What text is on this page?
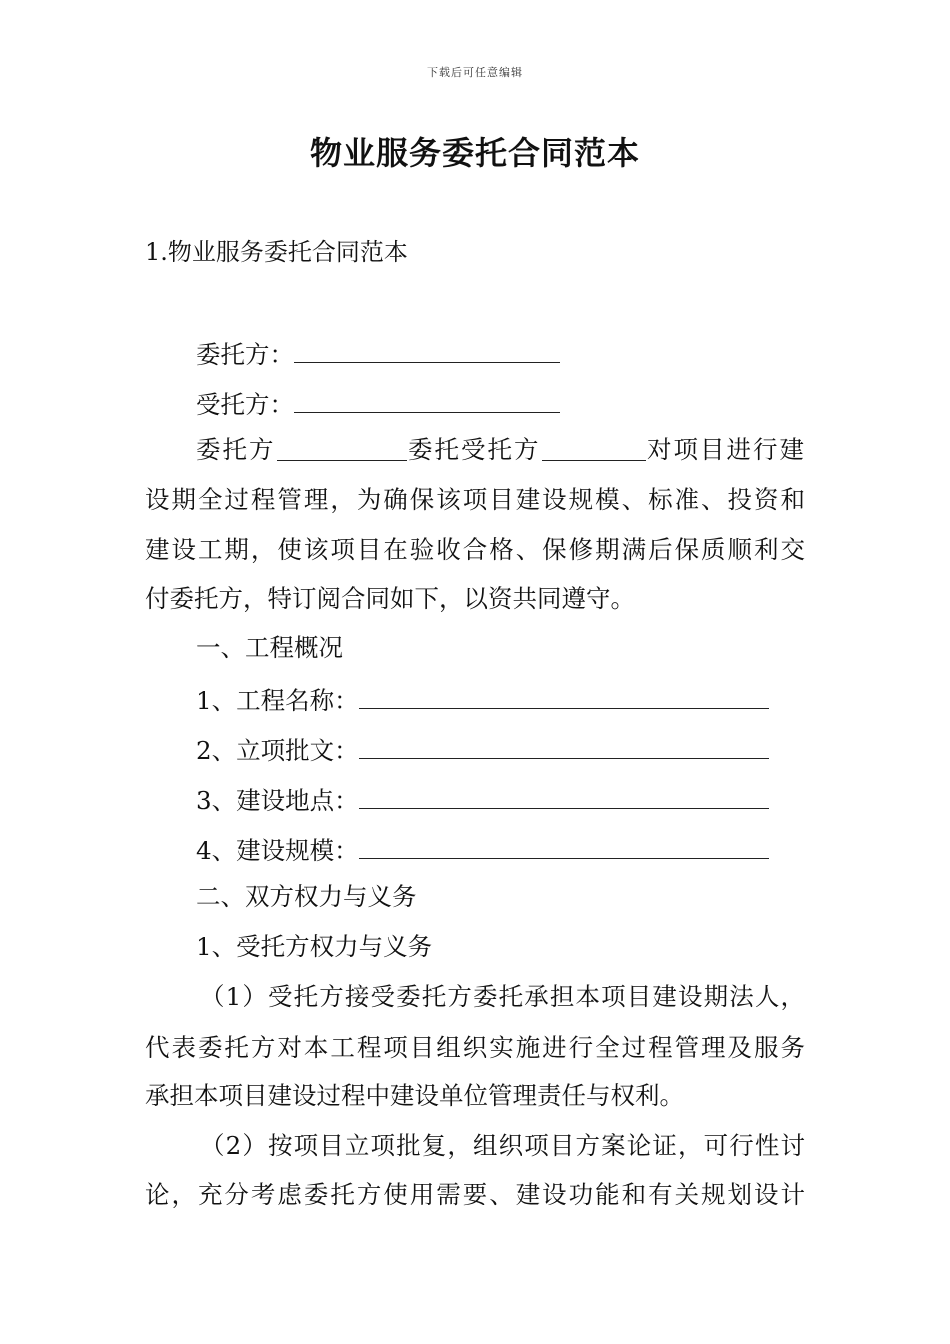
下载后可任意编辑
物业服务委托合同范本
1.物业服务委托合同范本
委托方：
受托方：
委托方	委托受托方	对项目进行建
设期全过程管理，为确保该项目建设规模、标准、投资和
建设工期，使该项目在验收合格、保修期满后保质顺利交
付委托方，特订阅合同如下，以资共同遵守。
一、工程概况
1、工程名称：
2、立项批文：
3、建设地点：
4、建设规模：
二、双方权力与义务
1、受托方权力与义务
（1）受托方接受委托方委托承担本项目建设期法人，
代表委托方对本工程项目组织实施进行全过程管理及服务
承担本项目建设过程中建设单位管理责任与权利。
（2）按项目立项批复，组织项目方案论证，可行性讨
论，充分考虑委托方使用需要、建设功能和有关规划设计
